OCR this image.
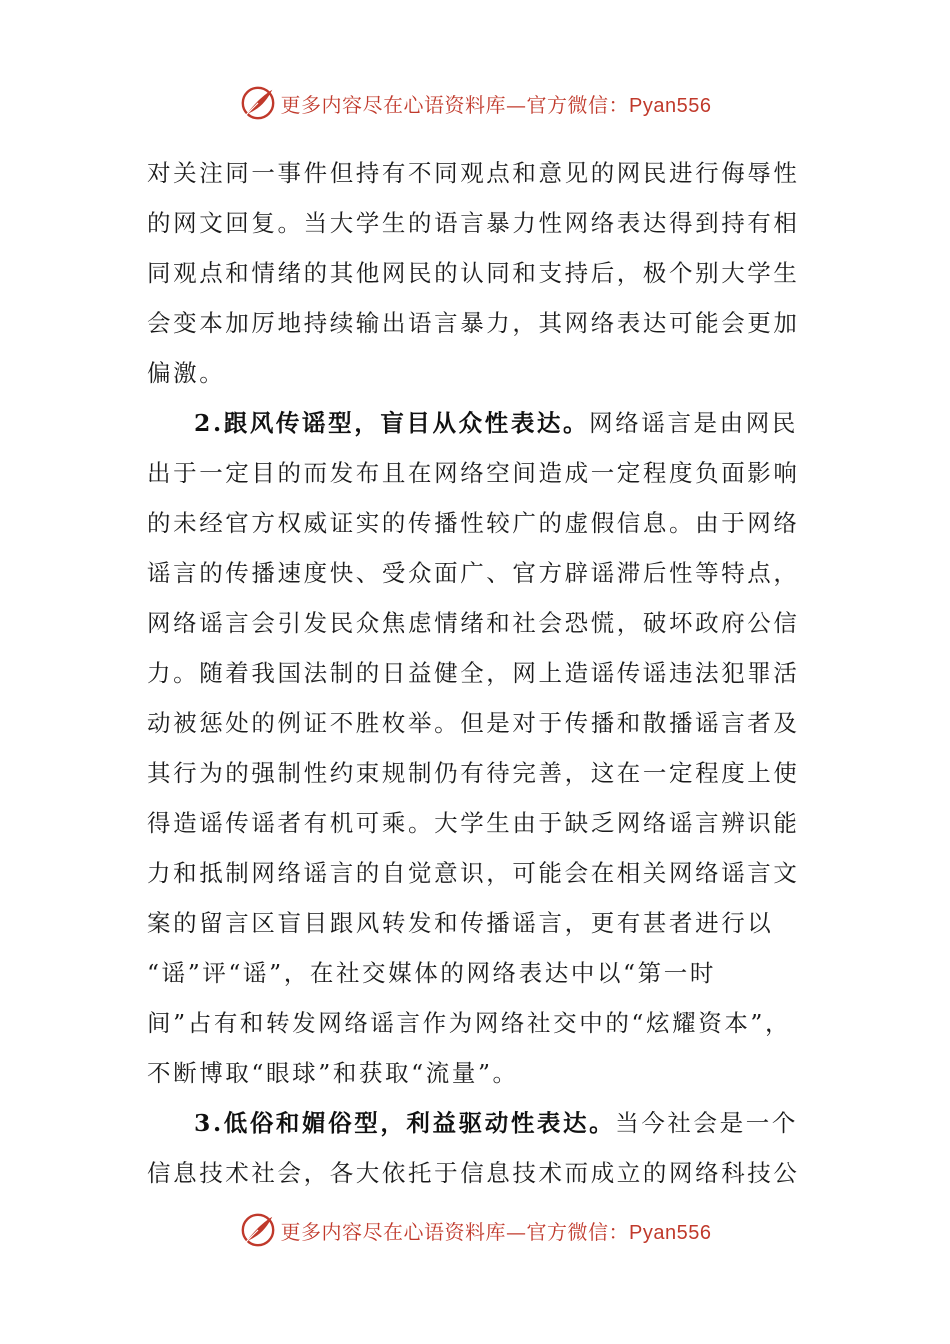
更多内容尽在心语资料库—官方微信：Pyan556
对关注同一事件但持有不同观点和意见的网民进行侮辱性
的网文回复。当大学生的语言暴力性网络表达得到持有相
同观点和情绪的其他网民的认同和支持后，极个别大学生
会变本加厉地持续输出语言暴力，其网络表达可能会更加
偏激。
2.跟风传谣型，盲目从众性表达。网络谣言是由网民
出于一定目的而发布且在网络空间造成一定程度负面影响
的未经官方权威证实的传播性较广的虚假信息。由于网络
谣言的传播速度快、受众面广、官方辟谣滞后性等特点，
网络谣言会引发民众焦虑情绪和社会恐慌，破坏政府公信
力。随着我国法制的日益健全，网上造谣传谣违法犯罪活
动被惩处的例证不胜枚举。但是对于传播和散播谣言者及
其行为的强制性约束规制仍有待完善，这在一定程度上使
得造谣传谣者有机可乘。大学生由于缺乏网络谣言辨识能
力和抵制网络谣言的自觉意识，可能会在相关网络谣言文
案的留言区盲目跟风转发和传播谣言，更有甚者进行以
“谣”评“谣”，在社交媒体的网络表达中以“第一时
间”占有和转发网络谣言作为网络社交中的“炫耀资本”，
不断博取“眼球”和获取“流量”。
3.低俗和媚俗型，利益驱动性表达。当今社会是一个
信息技术社会，各大依托于信息技术而成立的网络科技公
更多内容尽在心语资料库—官方微信：Pyan556
